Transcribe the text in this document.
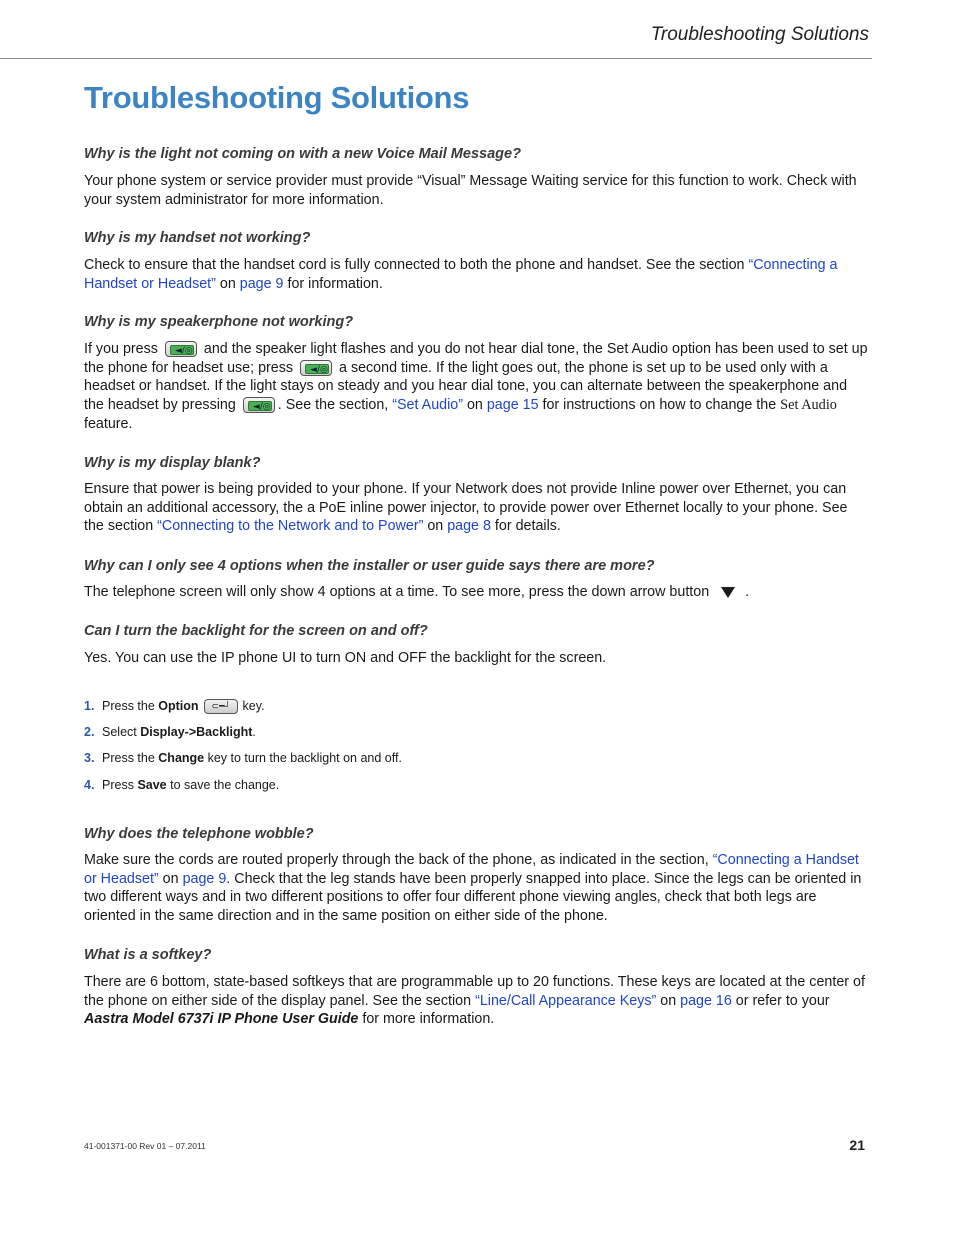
Troubleshooting Solutions
Troubleshooting Solutions
Why is the light not coming on with a new Voice Mail Message?

Your phone system or service provider must provide “Visual” Message Waiting service for this function to work. Check with your system administrator for more information.

Why is my handset not working?

Check to ensure that the handset cord is fully connected to both the phone and handset. See the section “Connecting a Handset or Headset” on page 9 for information.

Why is my speakerphone not working?

If you press ◄/◎ and the speaker light flashes and you do not hear dial tone, the Set Audio option has been used to set up the phone for headset use; press ◄/◎ a second time. If the light goes out, the phone is set up to be used only with a headset or handset. If the light stays on steady and you hear dial tone, you can alternate between the speakerphone and the headset by pressing ◄/◎ . See the section, “Set Audio” on page 15 for instructions on how to change the Set Audio
feature.

Why is my display blank?

Ensure that power is being provided to your phone. If your Network does not provide Inline power over Ethernet, you can obtain an additional accessory, the a PoE inline power injector, to provide power over Ethernet locally to your phone. See the section “Connecting to the Network and to Power” on page 8 for details.

Why can I only see 4 options when the installer or user guide says there are more?

The telephone screen will only show 4 options at a time. To see more, press the down arrow button	.

Can I turn the backlight for the screen on and off?

Yes. You can use the IP phone UI to turn ON and OFF the backlight for the screen.

1. Press the Option ⊂━┘ key.
2. Select Display->Backlight.
3. Press the Change key to turn the backlight on and off.
4. Press Save to save the change.
Why does the telephone wobble?

Make sure the cords are routed properly through the back of the phone, as indicated in the section, “Connecting a Handset or Headset” on page 9. Check that the leg stands have been properly snapped into place. Since the legs can be oriented in two different ways and in two different positions to offer four different phone viewing angles, check that both legs are oriented in the same direction and in the same position on either side of the phone.

What is a softkey?

There are 6 bottom, state-based softkeys that are programmable up to 20 functions. These keys are located at the center of the phone on either side of the display panel. See the section “Line/Call Appearance Keys” on page 16 or refer to your Aastra Model 6737i IP Phone User Guide for more information.

41-001371-00 Rev 01 – 07.2011	21
